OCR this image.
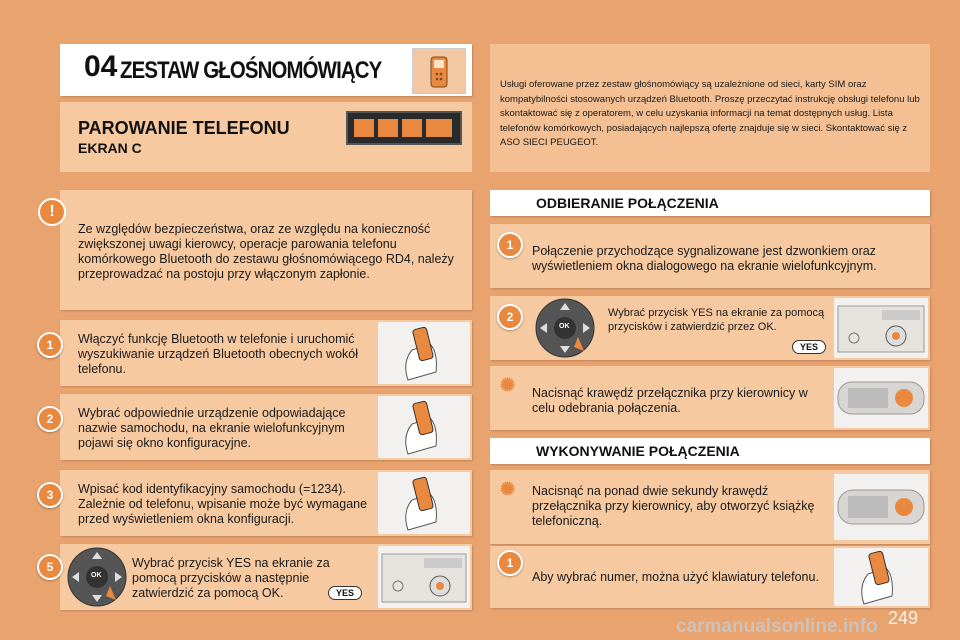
04 ZESTAW GŁOŚNOMÓWIĄCY
PAROWANIE TELEFONU
EKRAN C
Usługi oferowane przez zestaw głośnomówiący są uzależnione od sieci, karty SIM oraz kompatybilności stosowanych urządzeń Bluetooth. Proszę przeczytać instrukcję obsługi telefonu lub skontaktować się z operatorem, w celu uzyskania informacji na temat dostępnych usług. Lista telefonów komórkowych, posiadających najlepszą ofertę znajduje się w sieci. Skontaktować się z ASO SIECI PEUGEOT.
!
Ze względów bezpieczeństwa, oraz ze względu na konieczność zwiększonej uwagi kierowcy, operacje parowania telefonu komórkowego Bluetooth do zestawu głośnomówiącego RD4, należy przeprowadzać na postoju przy włączonym zapłonie.
1	Włączyć funkcję Bluetooth w telefonie i uruchomić wyszukiwanie urządzeń Bluetooth obecnych wokół telefonu.
2	Wybrać odpowiednie urządzenie odpowiadające nazwie samochodu, na ekranie wielofunkcyjnym pojawi się okno konfiguracyjne.
3	Wpisać kod identyfikacyjny samochodu (=1234). Zależnie od telefonu, wpisanie może być wymagane przed wyświetleniem okna konfiguracji.
5
OK
Wybrać przycisk YES na ekranie za pomocą przycisków a następnie zatwierdzić za pomocą OK.	YES
ODBIERANIE POŁĄCZENIA
1	Połączenie przychodzące sygnalizowane jest dzwonkiem oraz wyświetleniem okna dialogowego na ekranie wielofunkcyjnym.
2
OK
Wybrać przycisk YES na ekranie za pomocą przycisków i zatwierdzić przez OK.
YES
✺ Nacisnąć krawędź przełącznika przy kierownicy w celu odebrania połączenia.
WYKONYWANIE POŁĄCZENIA
✺ Nacisnąć na ponad dwie sekundy krawędź przełącznika przy kierownicy, aby otworzyć książkę telefoniczną.
1
Aby wybrać numer, można użyć klawiatury telefonu.
249
carmanualsonline.info
